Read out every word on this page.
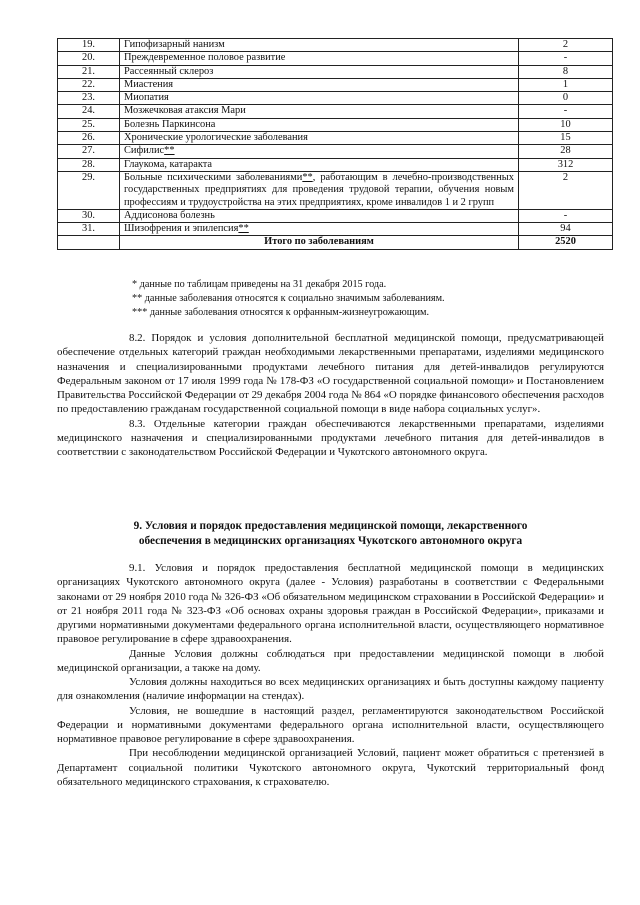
19.	Гипофизарный нанизм	2
20.	Преждевременное половое развитие	-
21.	Рассеянный склероз	8
22.	Миастения	1
23.	Миопатия	0
24.	Мозжечковая атаксия Мари	-
25.	Болезнь Паркинсона	10
26.	Хронические урологические заболевания	15
27.	Сифилис**	28
28.	Глаукома, катаракта	312
29.	Больные психическими заболеваниями**, работающим в лечебно-производственных государственных предприятиях для проведения трудовой терапии, обучения новым профессиям и трудоустройства на этих предприятиях, кроме инвалидов 1 и 2 групп	2
30.	Аддисонова болезнь	-
31.	Шизофрения и эпилепсия**	94
	Итого по заболеваниям	2520
* данные по таблицам приведены на 31 декабря 2015 года.
** данные заболевания относятся к социально значимым заболеваниям.
*** данные заболевания относятся к орфанным-жизнеугрожающим.

8.2. Порядок и условия дополнительной бесплатной медицинской помощи, предусматривающей обеспечение отдельных категорий граждан необходимыми лекарственными препаратами, изделиями медицинского назначения и специализированными продуктами лечебного питания для детей-инвалидов регулируются Федеральным законом от 17 июля 1999 года № 178-ФЗ «О государственной социальной помощи» и Постановлением Правительства Российской Федерации от 29 декабря 2004 года № 864 «О порядке финансового обеспечения расходов по предоставлению гражданам государственной социальной помощи в виде набора социальных услуг».

8.3. Отдельные категории граждан обеспечиваются лекарственными препаратами, изделиями медицинского назначения и специализированными продуктами лечебного питания для детей-инвалидов в соответствии с законодательством Российской Федерации и Чукотского автономного округа.

9. Условия и порядок предоставления медицинской помощи, лекарственного
обеспечения в медицинских организациях Чукотского автономного округа

9.1. Условия и порядок предоставления бесплатной медицинской помощи в медицинских организациях Чукотского автономного округа (далее - Условия) разработаны в соответствии с Федеральными законами от 29 ноября 2010 года № 326-ФЗ «Об обязательном медицинском страховании в Российской Федерации» и от 21 ноября 2011 года № 323-ФЗ «Об основах охраны здоровья граждан в Российской Федерации», приказами и другими нормативными документами федерального органа исполнительной власти, осуществляющего нормативное правовое регулирование в сфере здравоохранения.

Данные Условия должны соблюдаться при предоставлении медицинской помощи в любой медицинской организации, а также на дому.

Условия должны находиться во всех медицинских организациях и быть доступны каждому пациенту для ознакомления (наличие информации на стендах).

Условия, не вошедшие в настоящий раздел, регламентируются законодательством Российской Федерации и нормативными документами федерального органа исполнительной власти, осуществляющего нормативное правовое регулирование в сфере здравоохранения.

При несоблюдении медицинской организацией Условий, пациент может обратиться с претензией в Департамент социальной политики Чукотского автономного округа, Чукотский территориальный фонд обязательного медицинского страхования, к страхователю.
